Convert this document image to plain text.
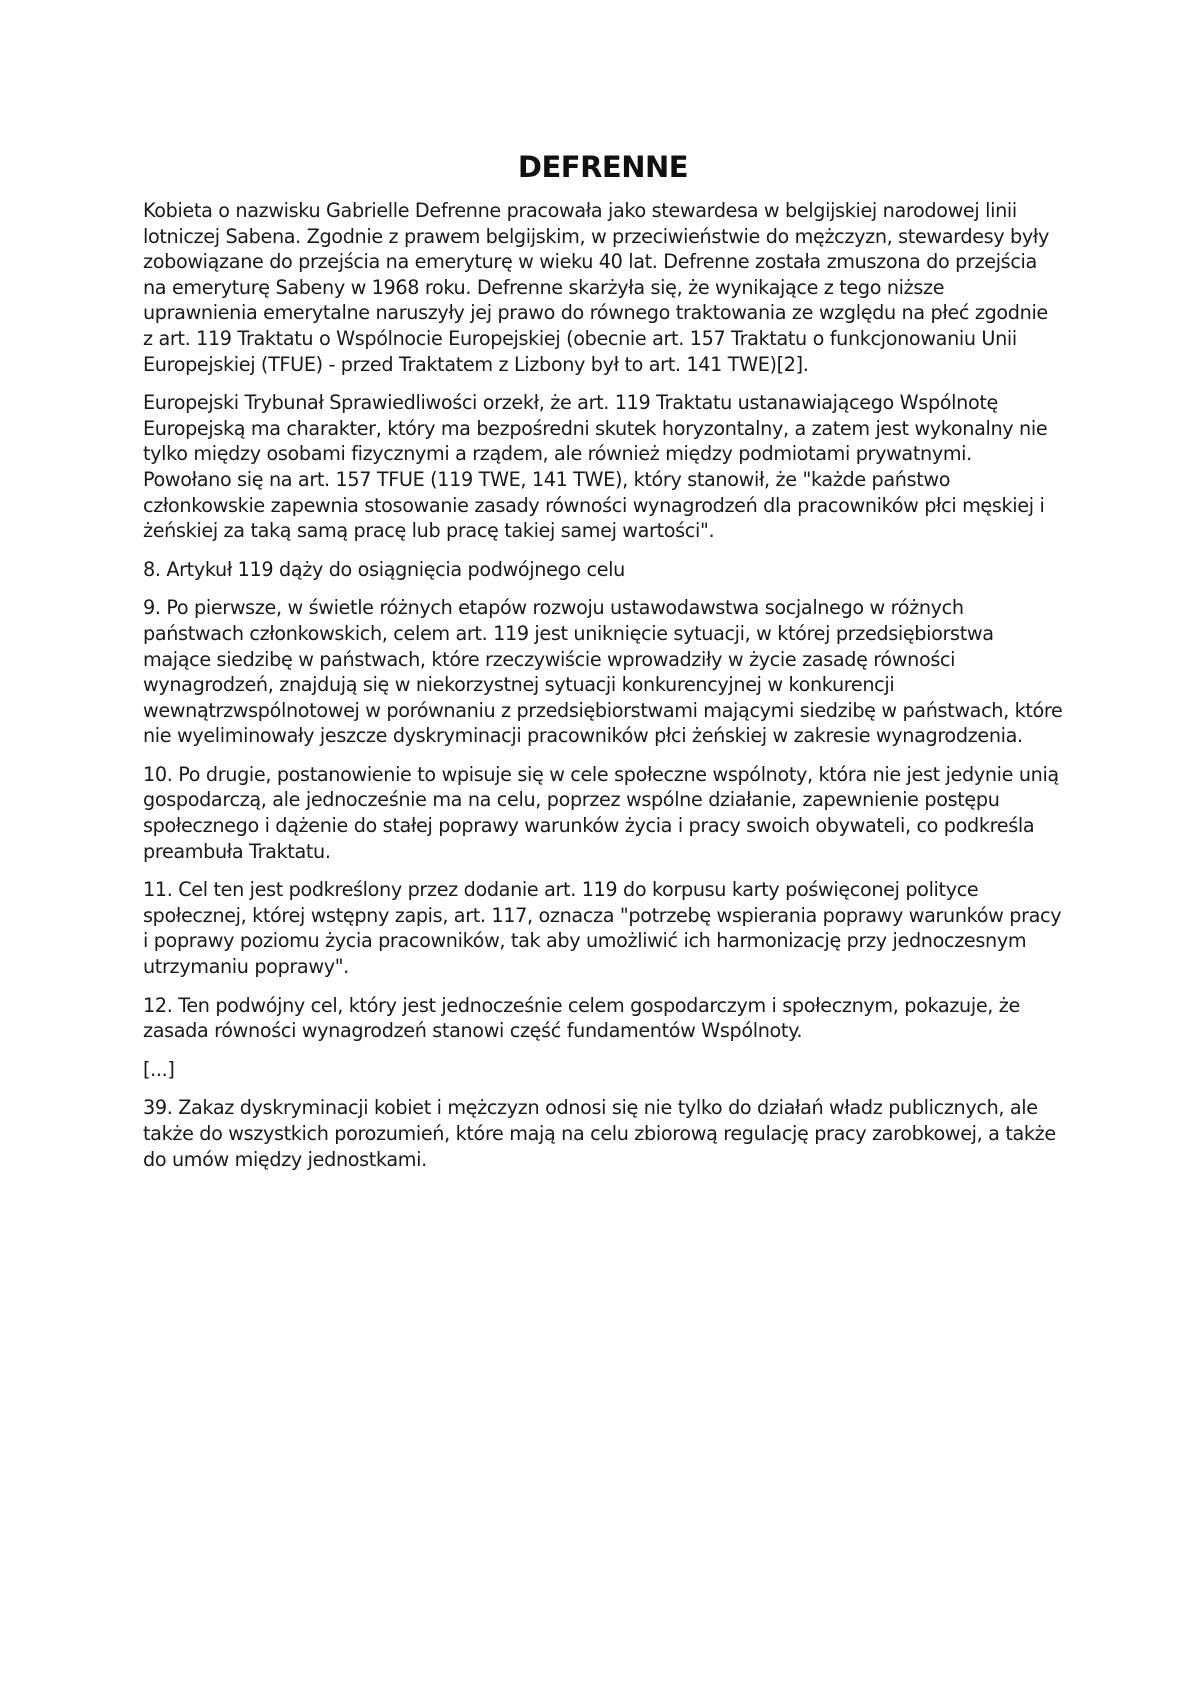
DEFRENNE

Kobieta o nazwisku Gabrielle Defrenne pracowała jako stewardesa w belgijskiej narodowej linii lotniczej Sabena. Zgodnie z prawem belgijskim, w przeciwieństwie do mężczyzn, stewardesy były zobowiązane do przejścia na emeryturę w wieku 40 lat. Defrenne została zmuszona do przejścia na emeryturę Sabeny w 1968 roku. Defrenne skarżyła się, że wynikające z tego niższe uprawnienia emerytalne naruszyły jej prawo do równego traktowania ze względu na płeć zgodnie z art. 119 Traktatu o Wspólnocie Europejskiej (obecnie art. 157 Traktatu o funkcjonowaniu Unii Europejskiej (TFUE) - przed Traktatem z Lizbony był to art. 141 TWE)[2].

Europejski Trybunał Sprawiedliwości orzekł, że art. 119 Traktatu ustanawiającego Wspólnotę Europejską ma charakter, który ma bezpośredni skutek horyzontalny, a zatem jest wykonalny nie tylko między osobami fizycznymi a rządem, ale również między podmiotami prywatnymi. Powołano się na art. 157 TFUE (119 TWE, 141 TWE), który stanowił, że "każde państwo członkowskie zapewnia stosowanie zasady równości wynagrodzeń dla pracowników płci męskiej i żeńskiej za taką samą pracę lub pracę takiej samej wartości".

8. Artykuł 119 dąży do osiągnięcia podwójnego celu

9. Po pierwsze, w świetle różnych etapów rozwoju ustawodawstwa socjalnego w różnych państwach członkowskich, celem art. 119 jest uniknięcie sytuacji, w której przedsiębiorstwa mające siedzibę w państwach, które rzeczywiście wprowadziły w życie zasadę równości wynagrodzeń, znajdują się w niekorzystnej sytuacji konkurencyjnej w konkurencji wewnątrzwspólnotowej w porównaniu z przedsiębiorstwami mającymi siedzibę w państwach, które nie wyeliminowały jeszcze dyskryminacji pracowników płci żeńskiej w zakresie wynagrodzenia.

10. Po drugie, postanowienie to wpisuje się w cele społeczne wspólnoty, która nie jest jedynie unią gospodarczą, ale jednocześnie ma na celu, poprzez wspólne działanie, zapewnienie postępu społecznego i dążenie do stałej poprawy warunków życia i pracy swoich obywateli, co podkreśla preambuła Traktatu.

11. Cel ten jest podkreślony przez dodanie art. 119 do korpusu karty poświęconej polityce społecznej, której wstępny zapis, art. 117, oznacza "potrzebę wspierania poprawy warunków pracy i poprawy poziomu życia pracowników, tak aby umożliwić ich harmonizację przy jednoczesnym utrzymaniu poprawy".

12. Ten podwójny cel, który jest jednocześnie celem gospodarczym i społecznym, pokazuje, że zasada równości wynagrodzeń stanowi część fundamentów Wspólnoty.

[...]

39. Zakaz dyskryminacji kobiet i mężczyzn odnosi się nie tylko do działań władz publicznych, ale także do wszystkich porozumień, które mają na celu zbiorową regulację pracy zarobkowej, a także do umów między jednostkami.
